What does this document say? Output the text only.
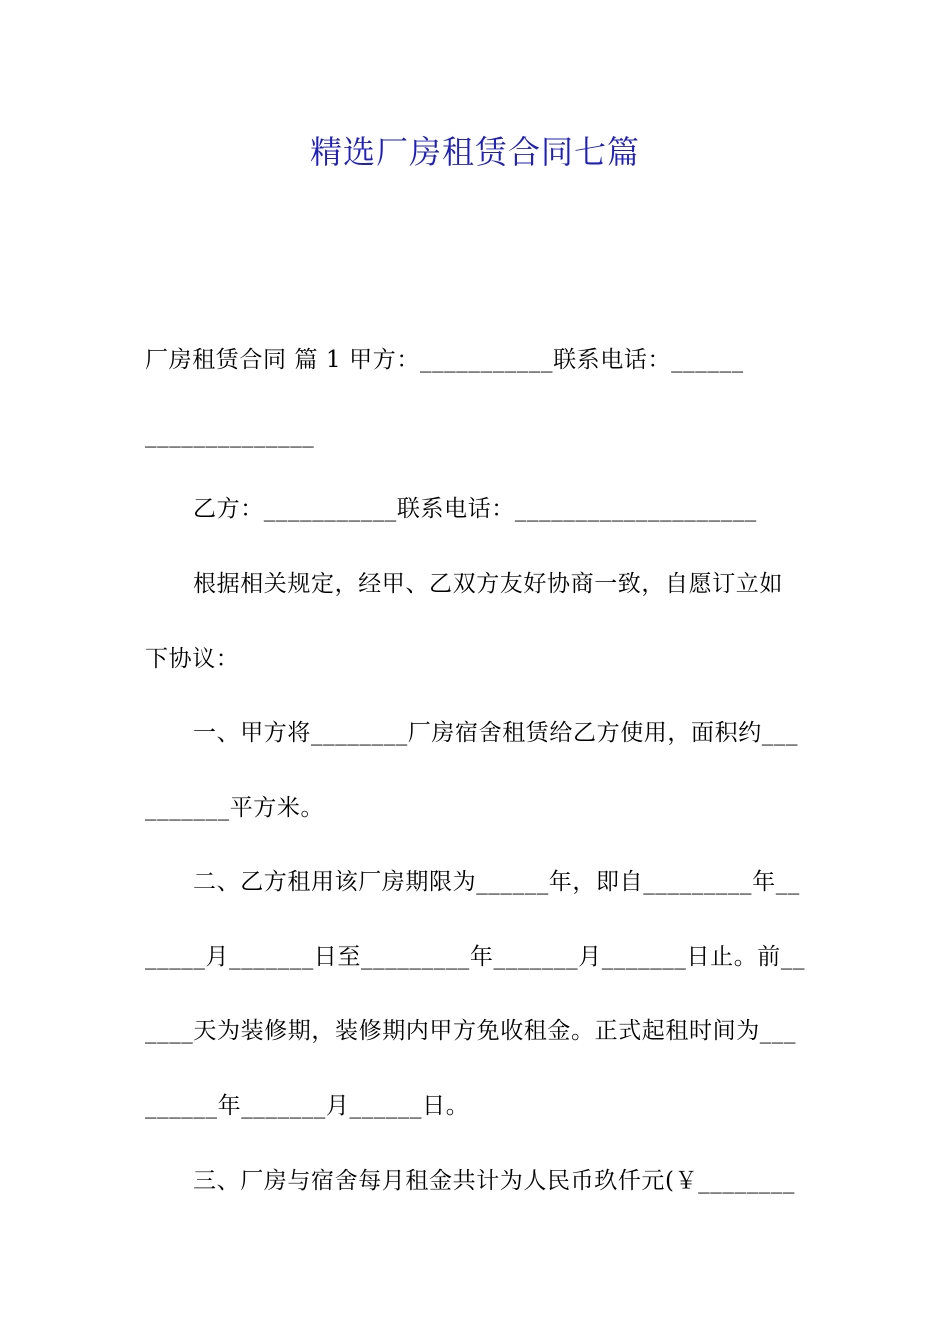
精选厂房租赁合同七篇
厂房租赁合同 篇 1 甲方：___________联系电话：______
______________
乙方：___________联系电话：____________________
根据相关规定，经甲、乙双方友好协商一致，自愿订立如
下协议：
一、甲方将________厂房宿舍租赁给乙方使用，面积约___
_______平方米。
二、乙方租用该厂房期限为______年，即自_________年__
_____月_______日至_________年_______月_______日止。前__
____天为装修期，装修期内甲方免收租金。正式起租时间为___
______年_______月______日。
三、厂房与宿舍每月租金共计为人民币玖仟元(￥________
